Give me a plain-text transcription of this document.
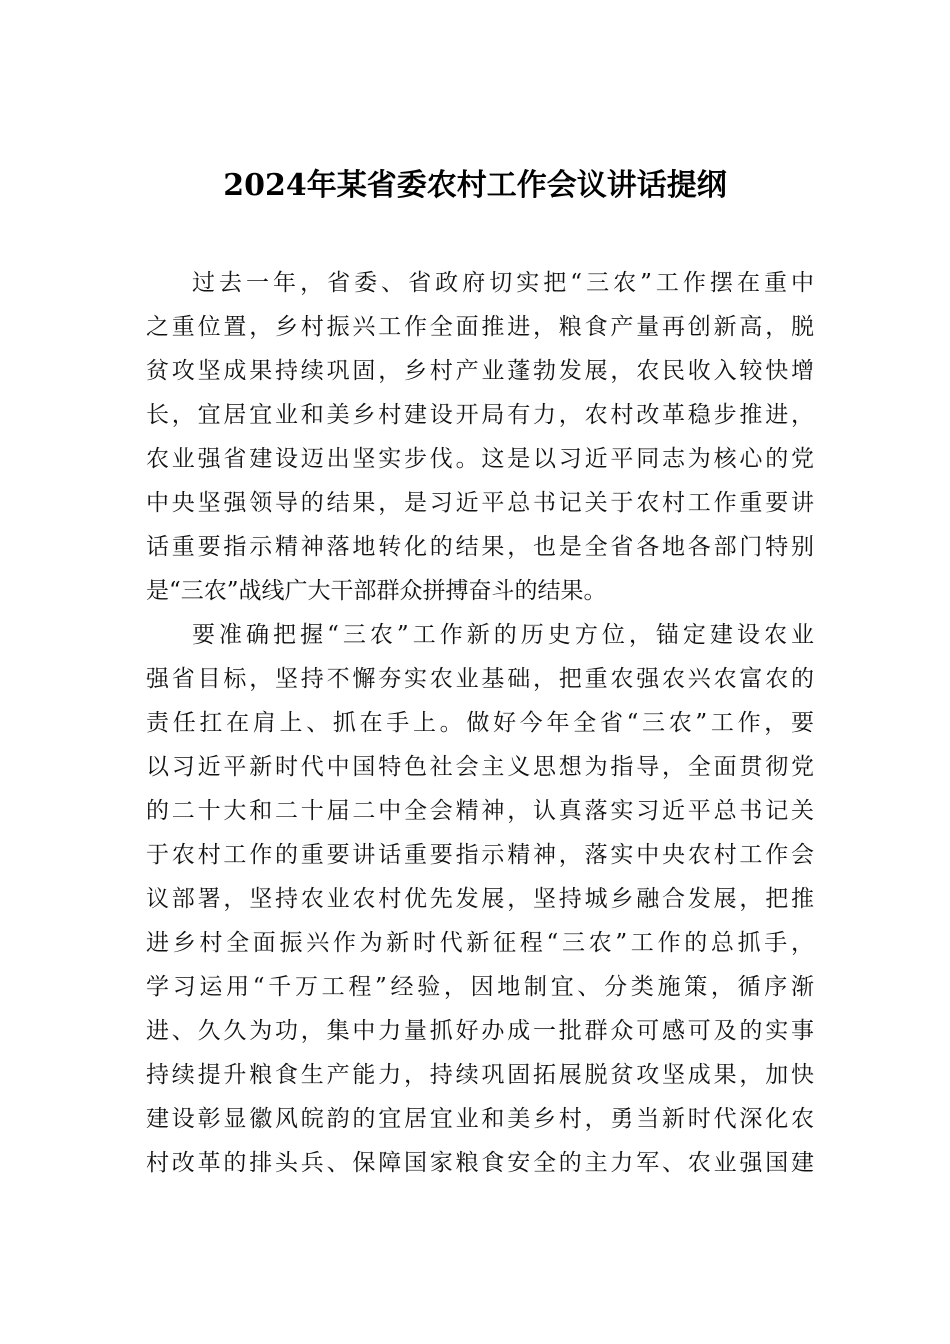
2024年某省委农村工作会议讲话提纲
过去一年，省委、省政府切实把“三农”工作摆在重中
之重位置，乡村振兴工作全面推进，粮食产量再创新高，脱
贫攻坚成果持续巩固，乡村产业蓬勃发展，农民收入较快增
长，宜居宜业和美乡村建设开局有力，农村改革稳步推进，
农业强省建设迈出坚实步伐。这是以习近平同志为核心的党
中央坚强领导的结果，是习近平总书记关于农村工作重要讲
话重要指示精神落地转化的结果，也是全省各地各部门特别
是“三农”战线广大干部群众拼搏奋斗的结果。
要准确把握“三农”工作新的历史方位，锚定建设农业
强省目标，坚持不懈夯实农业基础，把重农强农兴农富农的
责任扛在肩上、抓在手上。做好今年全省“三农”工作，要
以习近平新时代中国特色社会主义思想为指导，全面贯彻党
的二十大和二十届二中全会精神，认真落实习近平总书记关
于农村工作的重要讲话重要指示精神，落实中央农村工作会
议部署，坚持农业农村优先发展，坚持城乡融合发展，把推
进乡村全面振兴作为新时代新征程“三农”工作的总抓手，
学习运用“千万工程”经验，因地制宜、分类施策，循序渐
进、久久为功，集中力量抓好办成一批群众可感可及的实事
持续提升粮食生产能力，持续巩固拓展脱贫攻坚成果，加快
建设彰显徽风皖韵的宜居宜业和美乡村，勇当新时代深化农
村改革的排头兵、保障国家粮食安全的主力军、农业强国建
